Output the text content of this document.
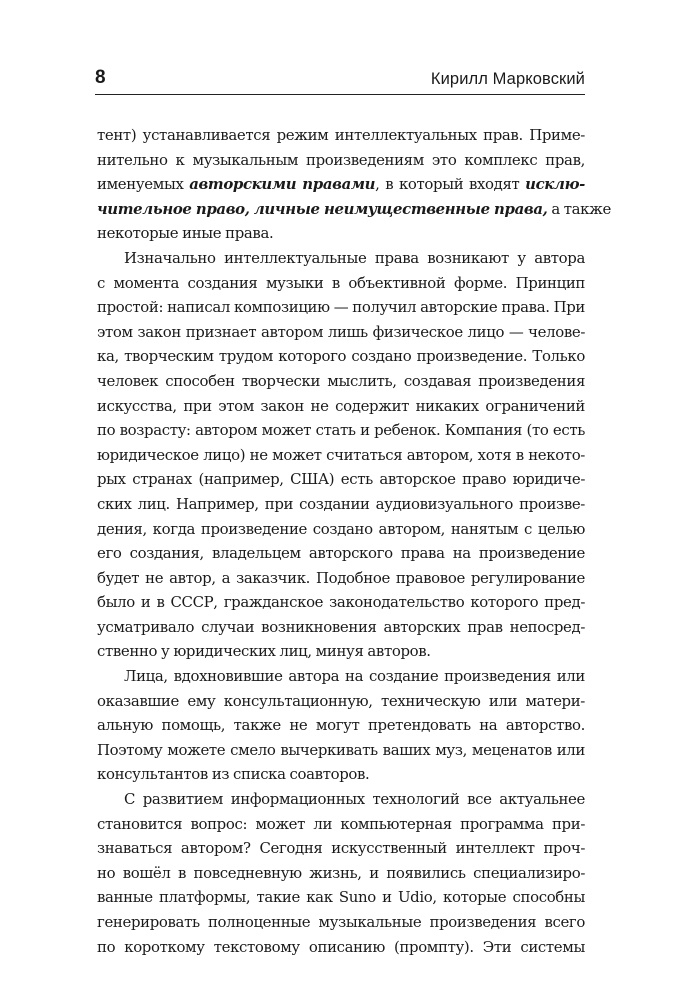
8	Кирилл Марковский
тент) устанавливается режим интеллектуальных прав. Приме-
нительно к музыкальным произведениям это комплекс прав,
именуемых авторскими правами, в который входят исклю-
чительное право, личные неимущественные права, а также
некоторые иные права.
Изначально интеллектуальные права возникают у автора
с момента создания музыки в объективной форме. Принцип
простой: написал композицию — получил авторские права. При
этом закон признает автором лишь физическое лицо — челове-
ка, творческим трудом которого создано произведение. Только
человек способен творчески мыслить, создавая произведения
искусства, при этом закон не содержит никаких ограничений
по возрасту: автором может стать и ребенок. Компания (то есть
юридическое лицо) не может считаться автором, хотя в некото-
рых странах (например, США) есть авторское право юридиче-
ских лиц. Например, при создании аудиовизуального произве-
дения, когда произведение создано автором, нанятым с целью
его создания, владельцем авторского права на произведение
будет не автор, а заказчик. Подобное правовое регулирование
было и в СССР, гражданское законодательство которого пред-
усматривало случаи возникновения авторских прав непосред-
ственно у юридических лиц, минуя авторов.
Лица, вдохновившие автора на создание произведения или
оказавшие ему консультационную, техническую или матери-
альную помощь, также не могут претендовать на авторство.
Поэтому можете смело вычеркивать ваших муз, меценатов или
консультантов из списка соавторов.
С развитием информационных технологий все актуальнее
становится вопрос: может ли компьютерная программа при-
знаваться автором? Сегодня искусственный интеллект проч-
но вошёл в повседневную жизнь, и появились специализиро-
ванные платформы, такие как Suno и Udio, которые способны
генерировать полноценные музыкальные произведения всего
по короткому текстовому описанию (промпту). Эти системы
